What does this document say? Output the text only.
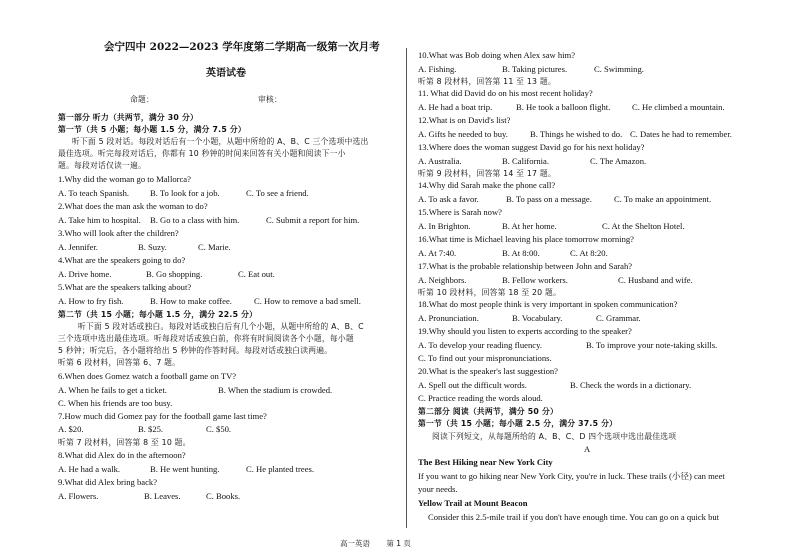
会宁四中 2022—2023 学年度第二学期高一级第一次月考
英语试卷
命题：	审核：
第一部分 听力（共两节，满分 30 分）
第一节（共 5 小题；每小题 1.5 分，满分 7.5 分）
听下面 5 段对话。每段对话后有一个小题，从题中所给的 A、B、C 三个选项中选出
最佳选项。听完每段对话后，你都有 10 秒钟的时间来回答有关小题和阅读下一小
题。每段对话仅读一遍。
1.Why did the woman go to Mallorca?
A. To teach Spanish. B. To look for a job.	C. To see a friend.
2.What does the man ask the woman to do?
A. Take him to hospital. B. Go to a class with him.	C. Submit a report for him.
3.Who will look after the children?
A. Jennifer.	B. Suzy.	C. Marie.
4.What are the speakers going to do?
A. Drive home.	B. Go shopping.	C. Eat out.
5.What are the speakers talking about?
A. How to fry fish.	B. How to make coffee.	C. How to remove a bad smell.
第二节（共 15 小题；每小题 1.5 分，满分 22.5 分）
听下面 5 段对话或独白。每段对话或独白后有几个小题，从题中所给的 A、B、C
三个选项中选出最佳选项。听每段对话或独白前，你将有时间阅读各个小题，每小题
5 秒钟；听完后，各小题将给出 5 秒钟的作答时间。每段对话或独白读两遍。
听第 6 段材料，回答第 6、7 题。
6.When does Gomez watch a football game on TV?
A. When he fails to get a ticket.	B. When the stadium is crowded.
C. When his friends are too busy.
7.How much did Gomez pay for the football game last time?
A. $20.	B. $25.	C. $50.
听第 7 段材料，回答第 8 至 10 题。
8.What did Alex do in the afternoon?
A. He had a walk.	B. He went hunting.	C. He planted trees.
9.What did Alex bring back?
A. Flowers.	B. Leaves.	C. Books.
10.What was Bob doing when Alex saw him?
A. Fishing.	B. Taking pictures.	C. Swimming.
听第 8 段材料，回答第 11 至 13 题。
11. What did David do on his most recent holiday?
A. He had a boat trip.	B. He took a balloon flight.	C. He climbed a mountain.
12.What is on David's list?
A. Gifts he needed to buy.	B. Things he wished to do. C. Dates he had to remember.
13.Where does the woman suggest David go for his next holiday?
A. Australia.	B. California.	C. The Amazon.
听第 9 段材料，回答第 14 至 17 题。
14.Why did Sarah make the phone call?
A. To ask a favor.	B. To pass on a message.	C. To make an appointment.
15.Where is Sarah now?
A. In Brighton.	B. At her home.	C. At the Shelton Hotel.
16.What time is Michael leaving his place tomorrow morning?
A. At 7:40.	B. At 8:00.	C. At 8:20.
17.What is the probable relationship between John and Sarah?
A. Neighbors.	B. Fellow workers.	C. Husband and wife.
听第 10 段材料，回答第 18 至 20 题。
18.What do most people think is very important in spoken communication?
A. Pronunciation.	B. Vocabulary.	C. Grammar.
19.Why should you listen to experts according to the speaker?
A. To develop your reading fluency.	B. To improve your note-taking skills.
C. To find out your mispronunciations.
20.What is the speaker's last suggestion?
A. Spell out the difficult words.	B. Check the words in a dictionary.
C. Practice reading the words aloud.
第二部分 阅读（共两节，满分 50 分）
第一节（共 15 小题；每小题 2.5 分，满分 37.5 分）
阅读下列短文，从每题所给的 A、B、C、D 四个选项中选出最佳选项
A
The Best Hiking near New York City
If you want to go hiking near New York City, you're in luck. These trails (小径) can meet
your needs.
Yellow Trail at Mount Beacon
Consider this 2.5-mile trail if you don't have enough time. You can go on a quick but
高一英语 第 1 页
